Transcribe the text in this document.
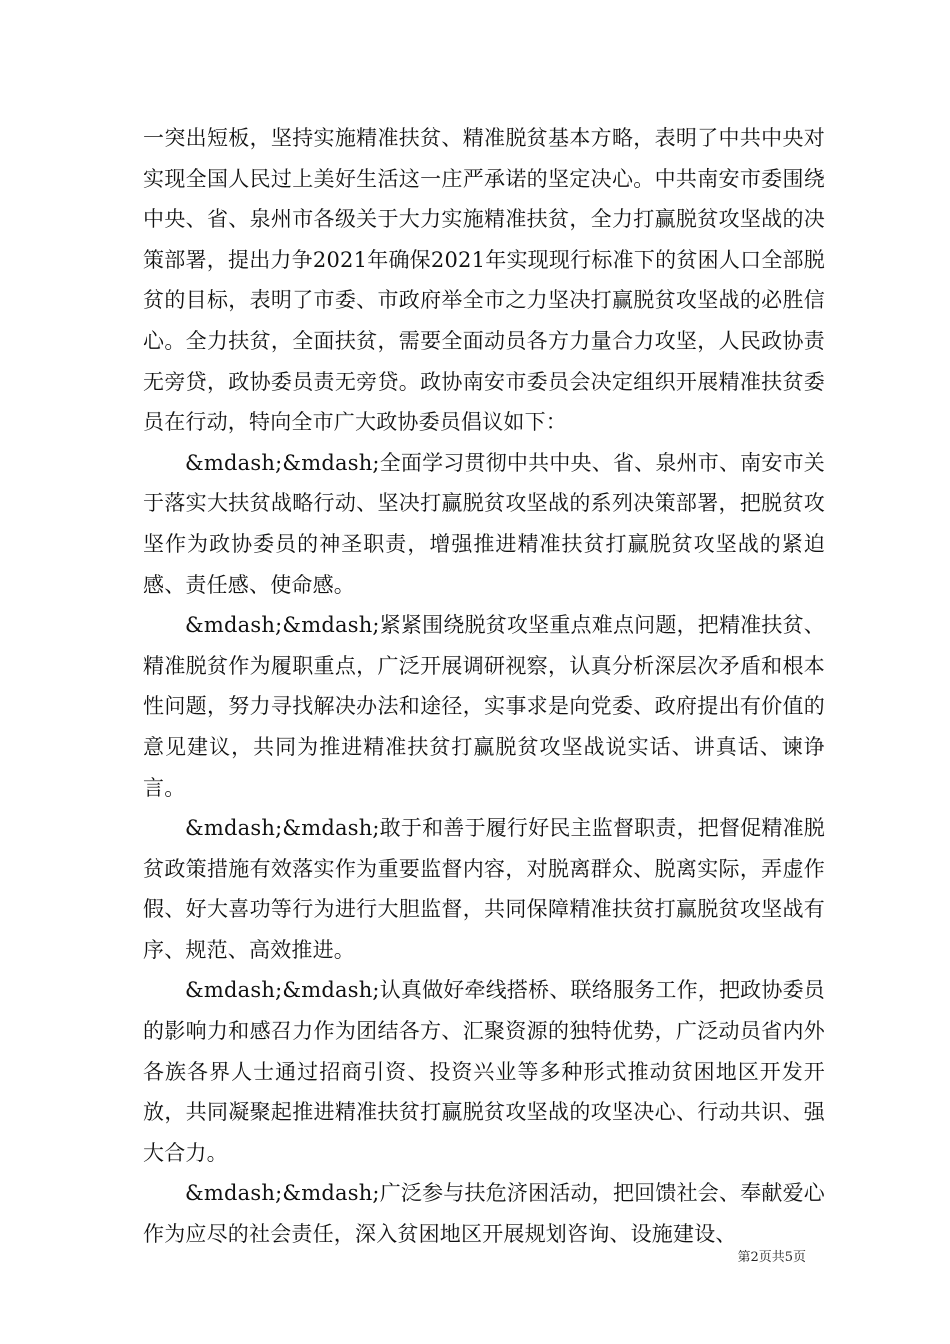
一突出短板，坚持实施精准扶贫、精准脱贫基本方略，表明了中共中央对实现全国人民过上美好生活这一庄严承诺的坚定决心。中共南安市委围绕中央、省、泉州市各级关于大力实施精准扶贫，全力打赢脱贫攻坚战的决策部署，提出力争2021年确保2021年实现现行标准下的贫困人口全部脱贫的目标，表明了市委、市政府举全市之力坚决打赢脱贫攻坚战的必胜信心。全力扶贫，全面扶贫，需要全面动员各方力量合力攻坚，人民政协责无旁贷，政协委员责无旁贷。政协南安市委员会决定组织开展精准扶贫委员在行动，特向全市广大政协委员倡议如下：

&mdash;&mdash;全面学习贯彻中共中央、省、泉州市、南安市关于落实大扶贫战略行动、坚决打赢脱贫攻坚战的系列决策部署，把脱贫攻坚作为政协委员的神圣职责，增强推进精准扶贫打赢脱贫攻坚战的紧迫感、责任感、使命感。

&mdash;&mdash;紧紧围绕脱贫攻坚重点难点问题，把精准扶贫、精准脱贫作为履职重点，广泛开展调研视察，认真分析深层次矛盾和根本性问题，努力寻找解决办法和途径，实事求是向党委、政府提出有价值的意见建议，共同为推进精准扶贫打赢脱贫攻坚战说实话、讲真话、谏诤言。

&mdash;&mdash;敢于和善于履行好民主监督职责，把督促精准脱贫政策措施有效落实作为重要监督内容，对脱离群众、脱离实际，弄虚作假、好大喜功等行为进行大胆监督，共同保障精准扶贫打赢脱贫攻坚战有序、规范、高效推进。

&mdash;&mdash;认真做好牵线搭桥、联络服务工作，把政协委员的影响力和感召力作为团结各方、汇聚资源的独特优势，广泛动员省内外各族各界人士通过招商引资、投资兴业等多种形式推动贫困地区开发开放，共同凝聚起推进精准扶贫打赢脱贫攻坚战的攻坚决心、行动共识、强大合力。

&mdash;&mdash;广泛参与扶危济困活动，把回馈社会、奉献爱心作为应尽的社会责任，深入贫困地区开展规划咨询、设施建设、

第2页共5页
